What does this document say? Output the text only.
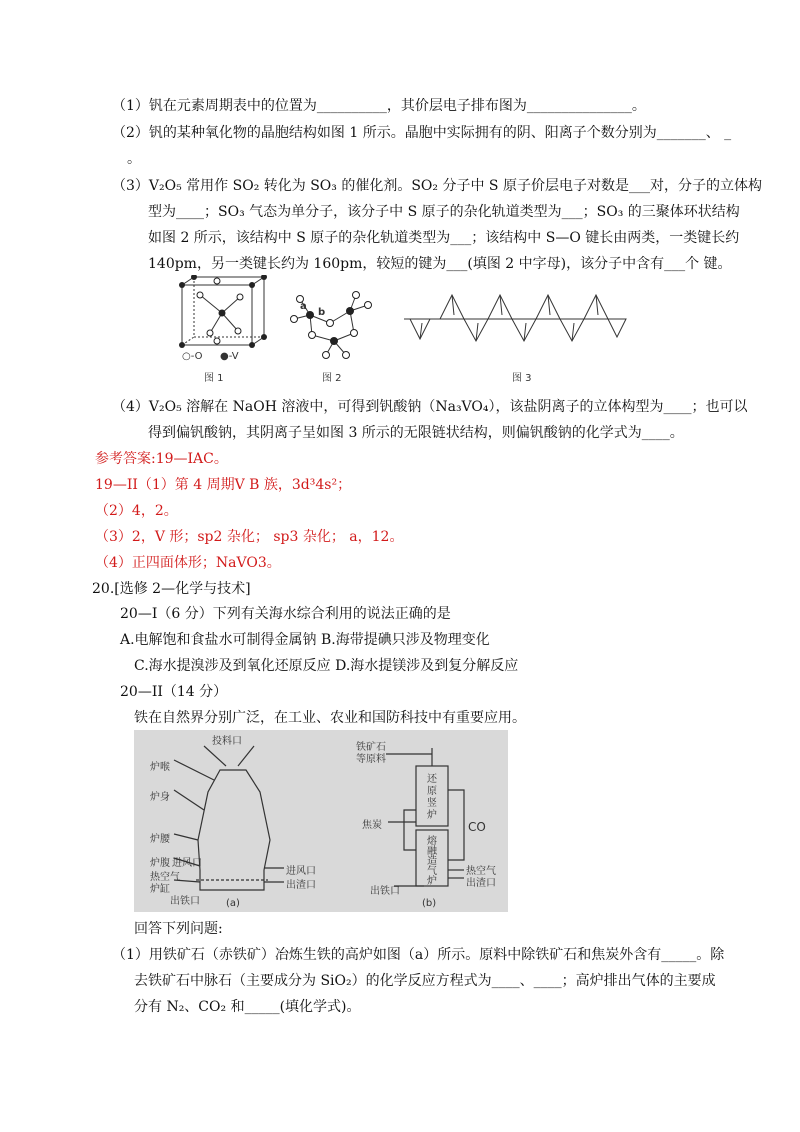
（1）钒在元素周期表中的位置为__________，其价层电子排布图为_______________。
（2）钒的某种氧化物的晶胞结构如图 1 所示。晶胞中实际拥有的阴、阳离子个数分别为_______、 _
。
（3）V₂O₅ 常用作 SO₂ 转化为 SO₃ 的催化剂。SO₂ 分子中 S 原子价层电子对数是___对，分子的立体构
型为____；SO₃ 气态为单分子，该分子中 S 原子的杂化轨道类型为___；SO₃ 的三聚体环状结构
如图 2 所示，该结构中 S 原子的杂化轨道类型为___；该结构中 S—O 键长由两类，一类键长约
140pm，另一类键长约为 160pm，较短的键为___(填图 2 中字母)，该分子中含有___个 键。
○-O ●-V
图 1
a
b
图 2	图 3
（4）V₂O₅ 溶解在 NaOH 溶液中，可得到钒酸钠（Na₃VO₄），该盐阴离子的立体构型为____；也可以
得到偏钒酸钠，其阴离子呈如图 3 所示的无限链状结构，则偏钒酸钠的化学式为____。
参考答案:19—IAC。
19—II（1）第 4 周期Ⅴ B 族，3d³4s²；
（2）4，2。
（3）2，V 形；sp2 杂化； sp3 杂化； a，12。
（4）正四面体形；NaVO3。
20.[选修 2—化学与技术]
20—I（6 分）下列有关海水综合利用的说法正确的是
A.电解饱和食盐水可制得金属钠 B.海带提碘只涉及物理变化
C.海水提溴涉及到氧化还原反应 D.海水提镁涉及到复分解反应
20—II（14 分）
铁在自然界分别广泛，在工业、农业和国防科技中有重要应用。
投料口
炉喉
炉身
炉腰
炉腹 进风口
热空气
炉缸
出铁口
进风口
出渣口
(a)
铁矿石
等原料
还
原
竖
炉
焦炭	CO
熔
融
造
气
炉
热空气
出渣口
出铁口
(b)
回答下列问题:
（1）用铁矿石（赤铁矿）冶炼生铁的高炉如图（a）所示。原料中除铁矿石和焦炭外含有_____。除
去铁矿石中脉石（主要成分为 SiO₂）的化学反应方程式为____、____；高炉排出气体的主要成
分有 N₂、CO₂ 和_____(填化学式)。
